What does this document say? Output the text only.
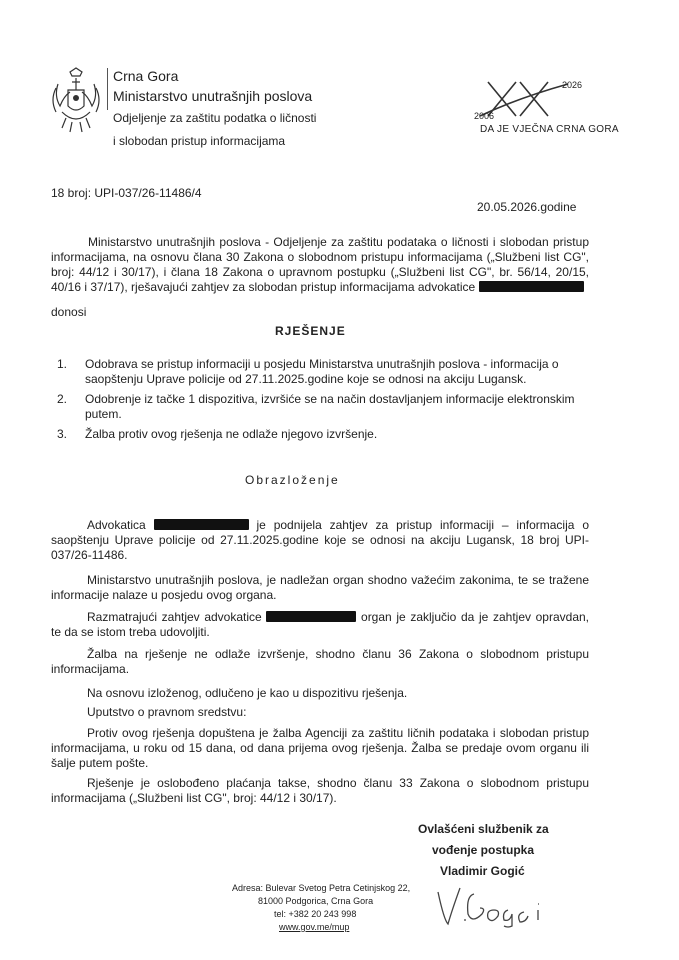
Crna Gora
Ministarstvo unutrašnjih poslova
Odjeljenje za zaštitu podatka o ličnosti
i slobodan pristup informacijama
2006
2026
DA JE VJEČNA CRNA GORA
18 broj: UPI-037/26-11486/4
20.05.2026.godine
Ministarstvo unutrašnjih poslova - Odjeljenje za zaštitu podataka o ličnosti i slobodan pristup informacijama, na osnovu člana 30 Zakona o slobodnom pristupu informacijama („Službeni list CG", broj: 44/12 i 30/17), i člana 18 Zakona o upravnom postupku („Službeni list CG", br. 56/14, 20/15, 40/16 i 37/17), rješavajući zahtjev za slobodan pristup informacijama advokatice
donosi
RJEŠENJE
1. Odobrava se pristup informaciji u posjedu Ministarstva unutrašnjih poslova - informacija o saopštenju Uprave policije od 27.11.2025.godine koje se odnosi na akciju Lugansk.
2. Odobrenje iz tačke 1 dispozitiva, izvršiće se na način dostavljanjem informacije elektronskim putem.
3. Žalba protiv ovog rješenja ne odlaže njegovo izvršenje.
Obrazloženje
Advokatica	je podnijela zahtjev za pristup informaciji – informacija o saopštenju Uprave policije od 27.11.2025.godine koje se odnosi na akciju Lugansk, 18 broj UPI-037/26-11486.
Ministarstvo unutrašnjih poslova, je nadležan organ shodno važećim zakonima, te se tražene informacije nalaze u posjedu ovog organa.
Razmatrajući zahtjev advokatice	organ je zaključio da je zahtjev opravdan, te da se istom treba udovoljiti.
Žalba na rješenje ne odlaže izvršenje, shodno članu 36 Zakona o slobodnom pristupu informacijama.
Na osnovu izloženog, odlučeno je kao u dispozitivu rješenja.
Uputstvo o pravnom sredstvu:
Protiv ovog rješenja dopuštena je žalba Agenciji za zaštitu ličnih podataka i slobodan pristup informacijama, u roku od 15 dana, od dana prijema ovog rješenja. Žalba se predaje ovom organu ili šalje putem pošte.
Rješenje je oslobođeno plaćanja takse, shodno članu 33 Zakona o slobodnom pristupu informacijama („Službeni list CG", broj: 44/12 i 30/17).
Ovlašćeni službenik za
vođenje postupka
Vladimir Gogić
Adresa: Bulevar Svetog Petra Cetinjskog 22,
81000 Podgorica, Crna Gora
tel: +382 20 243 998
www.gov.me/mup
